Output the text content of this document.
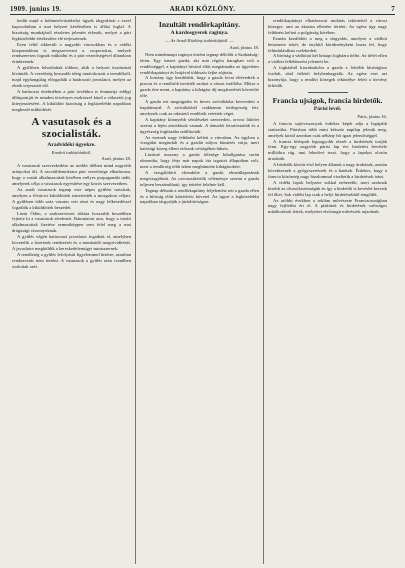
1909. junius 19.	ARADI KÖZLÖNY.	7

kedik majd a hódmezővásárhelyi ügyek tárgyalását s ezzel kapcsolatban a mai helyzet kérdésében is állást foglal. A bizottság munkájáról részletes jelentés érkezik, melyet a párt legközelebbi értekezlete elé terjesztenek.

Ezen felül sikkerült a nagyobb városokban és a vidéki központokban is megszervezni a csoportokat, melyek rendszeresen fognak működni és a párt vezetőségével állandóan érintkeznek.

A gyűlésen felszólaltak többen, akik a helyzet tisztázását kívánták. A vezetőség hosszabb ideig tanácskozott a teendőkről, majd egyhangúlag elfogadták a határozati javaslatot, melyet az elnök terjesztett elő.

A határozat értelmében a párt továbbra is fenntartja eddigi álláspontját és minden törvényes eszközzel küzd a választói jog kiterjesztéséért. A kiküldött bizottság a legközelebbi napokban megkezdi működését.

A vasutasok és a szocialisták.
Aradvidéki ügyekre.
Eredeti tudósítónktól.
Arad, június 18.

A vasutasok szervezkedése az utóbbi időben mind nagyobb arányokat ölt. A szociáldemokrata párt vezetősége elhatározta, hogy a vasúti alkalmazottak körében erélyes propagandát indít, amelynek célja a vasutasok egyesítése egy közös szervezetben.

Az aradi vasutasok tegnap este népes gyűlést tartottak, amelyen a fővárosi kiküldöttek ismertették a mozgalom céljait. A gyűlésen több száz vasutas vett részt és nagy lelkesedéssel fogadták a kiküldöttek beszédét.

Lázár Ödön, a szakszervezet titkára hosszabb beszédben fejtette ki a vasutasok sérelmeit. Rámutatott arra, hogy a vasúti alkalmazottak fizetése semmiképpen sem felel meg a mai drágasági viszonyoknak.

A gyűlés végén határozati javaslatot fogadtak el, amelyben követelik a fizetések rendezését és a munkaidő megrövidítését. A javaslatot megküldik a kereskedelemügyi miniszternek.

A rendőrség a gyűlés lefolyását figyelemmel kísérte, azonban rendzavarás nem történt. A vasutasok a gyűlés után csendben oszlottak szét.

Inzultált rendőrkapitány.
A kardosgyerek raginya.
— Az Aradi Közlöny tudósítójától. —
Arad, június 18.

Nem mindennapi raginya történt tegnap délelőtt a Szabadság-téren. Egy ismert gazda, aki már régóta haragban volt a rendőrséggel, a kapitányi hivatal előtt megtámadta az ügyeletes rendőrkapitányt és botjával többször fejbe sújtotta.

A botrány úgy kezdődött, hogy a gazda lovai eltévedtek a piacon és a rendőrök bevitték azokat a városi istállóba. Mikor a gazda érte ment, a kapitány a kihágási díj megfizetését követelte tőle.

A gazda ezt megtagadta és heves szóváltásba keveredett a kapitánnyal. A szóváltásból csakhamar tettlegesség lett, amelynek csak az odasiető rendőrök vetettek véget.

A kapitány könnyebb sérüléseket szenvedett, orvosi látlelet szerint a fején zúzódások vannak. A támadót letartóztatták és a ügyészség fogházába szállították.

Az esetnek nagy feltűnést keltett a városban. Az ügyben a vizsgálat megindult és a gazdát súlyos büntetés várja, mert hatósági közeg elleni erőszak vétségében bűnös.

Lázárné asszony a gazda felesége kihallgatása során elmondta, hogy férje már napok óta izgatott állapotban volt, mert a rendőrség több ízben megbüntette kihágásokért.

A vizsgálóbíró elrendelte a gazda elmeállapotának megvizsgálását. Az orvosszakértők véleménye szerint a gazda teljesen beszámítható, igy tettéért felelnie kell.

Tegnap délután a rendőrkapitány feljelentést tett a gazda ellen és a bíróság előtt kártérítést követel. Az ügyet a legközelebbi napokban tárgyalják a járásbíróságon.

rendőrkapitányi elhatározott mulatás tekintettel a városi közegre, ami az akarata ellenére történt. Az egész ügy nagy feltűnést keltett a polgárság körében.

Ezután kezdődött a meg a tárgyalás, amelyen a vádlott beismerte tettét, de enyhítő körülményként hozta fel, hogy felindulásában cselekedett.

A bíróság a vádlottat két hónapi fogházra ítélte. Az ítélet ellen a vádlott fellebbezést jelentett be.

A fogházból kiszabadulva a gazda a felsőbb bírósághoz fordult, ahol ítéletét helybenhagyták. Az egész eset azt bizonyítja, hogy a rendőri közegek tekintélye felett a törvény őrködik.

Francia ujságok, francia hirdetők.
Párisi levél.
Páris, június 16.

A francia sajtóviszonyok érdekes képét adja a legújabb statisztika. Párisban több mint kétszáz napilap jelenik meg, amelyek közül azonban csak néhány bír igazi jelentőséggel.

A francia hírlapok legnagyobb részét a hirdetések tartják fenn. Egy-egy nagyobb párisi lap évi hirdetési bevétele milliókra rúg, ami lehetővé teszi, hogy a lapokat olcsón árusítsák.

A hirdetők között első helyen állanak a nagy áruházak, azután következnek a gyógyszerészek és a bankok. Érdekes, hogy a francia közönség nagy bizalommal viseltetik a hirdetések iránt.

A vidéki lapok helyzete sokkal nehezebb, mert azoknak kisebb az olvasóközönségük és így a hirdetők is kevésbé keresik fel őket. Sok vidéki lap csak a helyi hirdetésekből tengődik.

Az utóbbi években a reklám művészete Franciaországban nagy fejlődést ért el. A plakátok és hirdetések valóságos műalkotások lettek, melyeket elsőrangú művészek rajzolnak.
